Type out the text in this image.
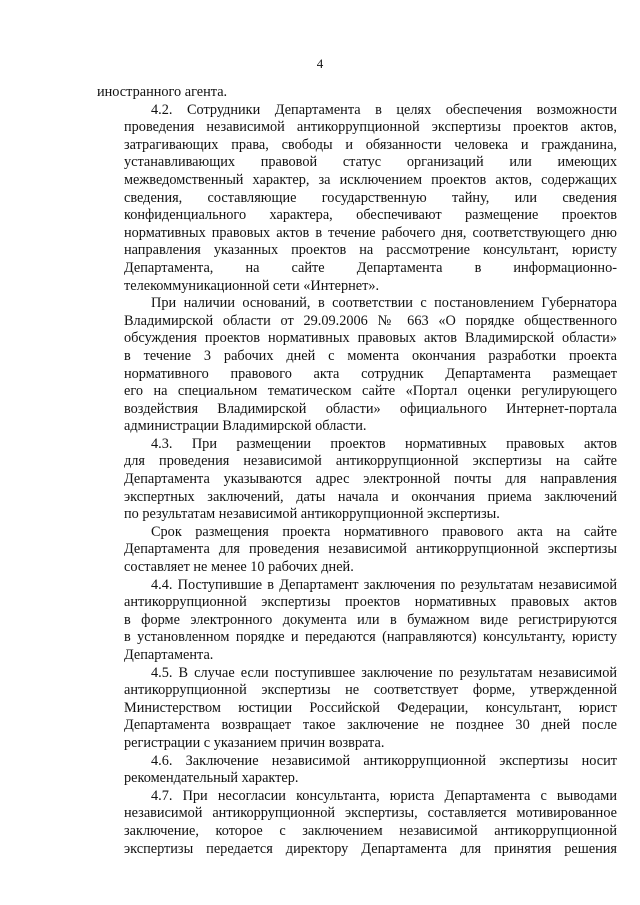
4
иностранного агента.
4.2. Сотрудники Департамента в целях обеспечения возможности
проведения независимой антикоррупционной экспертизы проектов актов,
затрагивающих права, свободы и обязанности человека и гражданина,
устанавливающих правовой статус организаций или имеющих
межведомственный характер, за исключением проектов актов, содержащих
сведения, составляющие государственную тайну, или сведения
конфиденциального характера, обеспечивают размещение проектов
нормативных правовых актов в течение рабочего дня, соответствующего дню
направления указанных проектов на рассмотрение консультант, юристу
Департамента, на сайте Департамента в информационно-
телекоммуникационной сети «Интернет».
При наличии оснований, в соответствии с постановлением Губернатора
Владимирской области от 29.09.2006 № 663 «О порядке общественного
обсуждения проектов нормативных правовых актов Владимирской области»
в течение 3 рабочих дней с момента окончания разработки проекта
нормативного правового акта сотрудник Департамента размещает
его на специальном тематическом сайте «Портал оценки регулирующего
воздействия Владимирской области» официального Интернет-портала
администрации Владимирской области.
4.3. При размещении проектов нормативных правовых актов
для проведения независимой антикоррупционной экспертизы на сайте
Департамента указываются адрес электронной почты для направления
экспертных заключений, даты начала и окончания приема заключений
по результатам независимой антикоррупционной экспертизы.
Срок размещения проекта нормативного правового акта на сайте
Департамента для проведения независимой антикоррупционной экспертизы
составляет не менее 10 рабочих дней.
4.4. Поступившие в Департамент заключения по результатам независимой
антикоррупционной экспертизы проектов нормативных правовых актов
в форме электронного документа или в бумажном виде регистрируются
в установленном порядке и передаются (направляются) консультанту, юристу
Департамента.
4.5. В случае если поступившее заключение по результатам независимой
антикоррупционной экспертизы не соответствует форме, утвержденной
Министерством юстиции Российской Федерации, консультант, юрист
Департамента возвращает такое заключение не позднее 30 дней после
регистрации с указанием причин возврата.
4.6. Заключение независимой антикоррупционной экспертизы носит
рекомендательный характер.
4.7. При несогласии консультанта, юриста Департамента с выводами
независимой антикоррупционной экспертизы, составляется мотивированное
заключение, которое с заключением независимой антикоррупционной
экспертизы передается директору Департамента для принятия решения
